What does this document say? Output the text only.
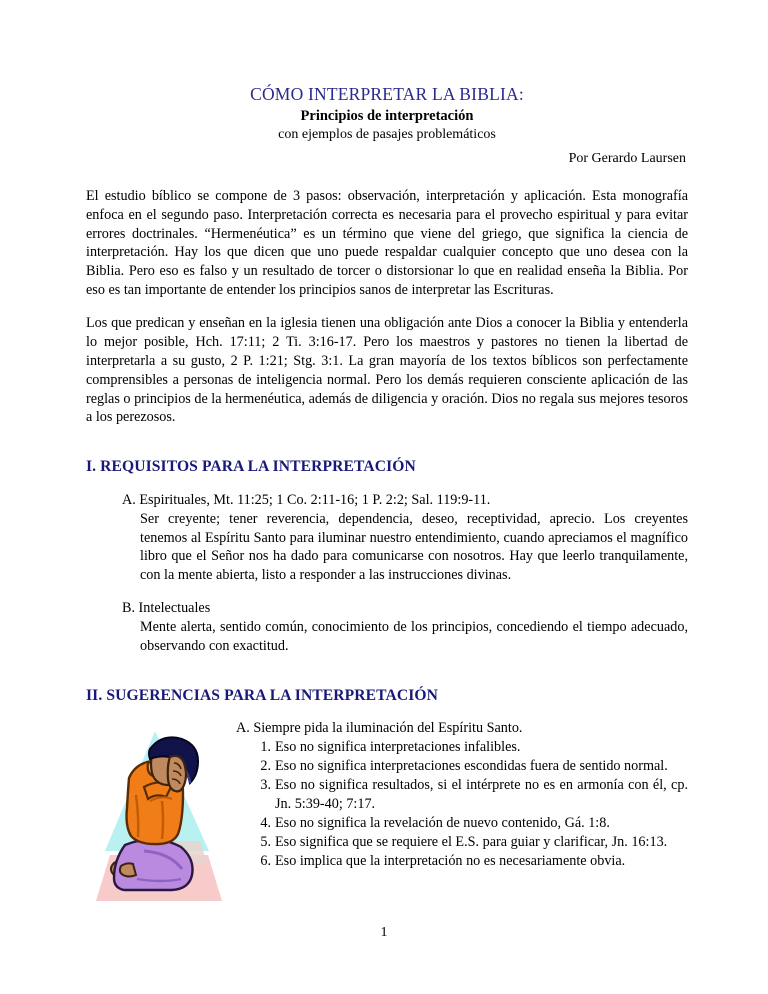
CÓMO INTERPRETAR LA BIBLIA:
Principios de interpretación
con ejemplos de pasajes problemáticos
Por Gerardo Laursen

El estudio bíblico se compone de 3 pasos: observación, interpretación y aplicación. Esta monografía enfoca en el segundo paso. Interpretación correcta es necesaria para el provecho espiritual y para evitar errores doctrinales. “Hermenéutica” es un término que viene del griego, que significa la ciencia de interpretación. Hay los que dicen que uno puede respaldar cualquier concepto que uno desea con la Biblia. Pero eso es falso y un resultado de torcer o distorsionar lo que en realidad enseña la Biblia. Por eso es tan importante de entender los principios sanos de interpretar las Escrituras.

Los que predican y enseñan en la iglesia tienen una obligación ante Dios a conocer la Biblia y entenderla lo mejor posible, Hch. 17:11; 2 Ti. 3:16-17. Pero los maestros y pastores no tienen la libertad de interpretarla a su gusto, 2 P. 1:21; Stg. 3:1. La gran mayoría de los textos bíblicos son perfectamente comprensibles a personas de inteligencia normal. Pero los demás requieren consciente aplicación de las reglas o principios de la hermenéutica, además de diligencia y oración. Dios no regala sus mejores tesoros a los perezosos.

I. REQUISITOS PARA LA INTERPRETACIÓN
A. Espirituales, Mt. 11:25; 1 Co. 2:11-16; 1 P. 2:2; Sal. 119:9-11.
Ser creyente; tener reverencia, dependencia, deseo, receptividad, aprecio. Los creyentes tenemos al Espíritu Santo para iluminar nuestro entendimiento, cuando apreciamos el magnífico libro que el Señor nos ha dado para comunicarse con nosotros. Hay que leerlo tranquilamente, con la mente abierta, listo a responder a las instrucciones divinas.
B. Intelectuales
Mente alerta, sentido común, conocimiento de los principios, concediendo el tiempo adecuado, observando con exactitud.
II. SUGERENCIAS PARA LA INTERPRETACIÓN
A. Siempre pida la iluminación del Espíritu Santo.
1. Eso no significa interpretaciones infalibles.
2. Eso no significa interpretaciones escondidas fuera de sentido normal.
3. Eso no significa resultados, si el intérprete no es en armonía con él, cp. Jn. 5:39-40; 7:17.
4. Eso no significa la revelación de nuevo contenido, Gá. 1:8.
5. Eso significa que se requiere el E.S. para guiar y clarificar, Jn. 16:13.
6. Eso implica que la interpretación no es necesariamente obvia.
1
